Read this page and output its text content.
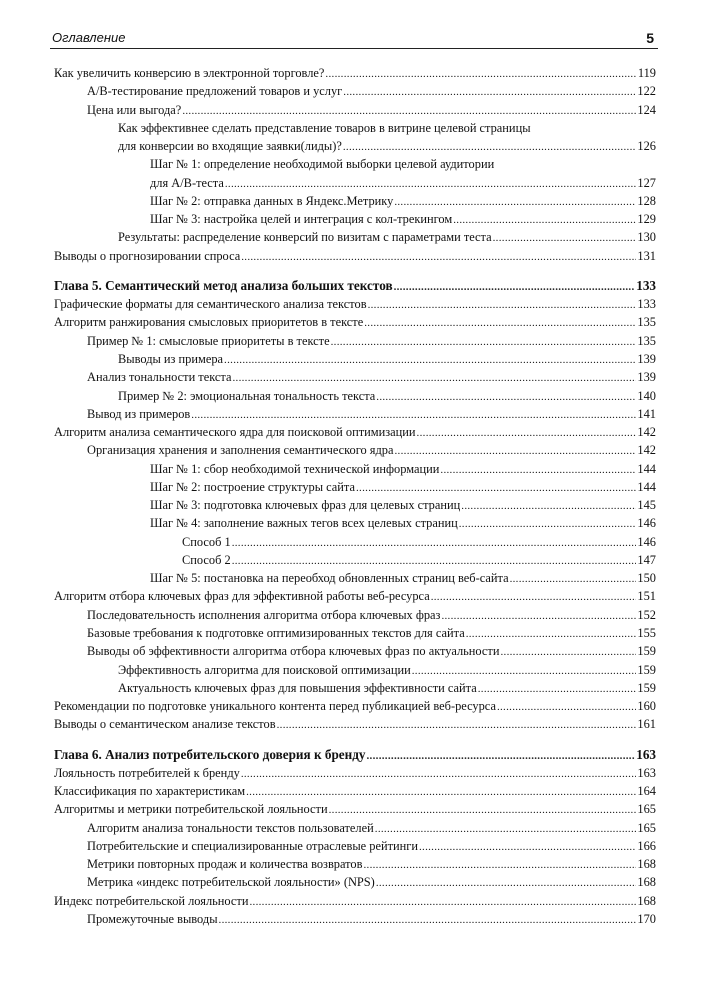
Оглавление	5
Как увеличить конверсию в электронной торговле? .....	119
A/B-тестирование предложений товаров и услуг .....	122
Цена или выгода? .....	124
Как эффективнее сделать представление товаров в витрине целевой страницы
для конверсии во входящие заявки(лиды)? .....	126
Шаг № 1: определение необходимой выборки целевой аудитории
для A/B-теста .....	127
Шаг № 2: отправка данных в Яндекс.Метрику .....	128
Шаг № 3: настройка целей и интеграция с кол-трекингом .....	129
Результаты: распределение конверсий по визитам с параметрами теста .....	130
Выводы о прогнозировании спроса .....	131
Глава 5. Семантический метод анализа больших текстов .....	133
Графические форматы для семантического анализа текстов .....	133
Алгоритм ранжирования смысловых приоритетов в тексте .....	135
Пример № 1: смысловые приоритеты в тексте .....	135
Выводы из примера .....	139
Анализ тональности текста .....	139
Пример № 2: эмоциональная тональность текста .....	140
Вывод из примеров .....	141
Алгоритм анализа семантического ядра для поисковой оптимизации .....	142
Организация хранения и заполнения семантического ядра .....	142
Шаг № 1: сбор необходимой технической информации .....	144
Шаг № 2: построение структуры сайта .....	144
Шаг № 3: подготовка ключевых фраз для целевых страниц .....	145
Шаг № 4: заполнение важных тегов всех целевых страниц .....	146
Способ 1 .....	146
Способ 2 .....	147
Шаг № 5: постановка на переобход обновленных страниц веб-сайта .....	150
Алгоритм отбора ключевых фраз для эффективной работы веб-ресурса .....	151
Последовательность исполнения алгоритма отбора ключевых фраз .....	152
Базовые требования к подготовке оптимизированных текстов для сайта .....	155
Выводы об эффективности алгоритма отбора ключевых фраз по актуальности .....	159
Эффективность алгоритма для поисковой оптимизации .....	159
Актуальность ключевых фраз для повышения эффективности сайта .....	159
Рекомендации по подготовке уникального контента перед публикацией веб-ресурса .....	160
Выводы о семантическом анализе текстов .....	161
Глава 6. Анализ потребительского доверия к бренду .....	163
Лояльность потребителей к бренду .....	163
Классификация по характеристикам .....	164
Алгоритмы и метрики потребительской лояльности .....	165
Алгоритм анализа тональности текстов пользователей .....	165
Потребительские и специализированные отраслевые рейтинги .....	166
Метрики повторных продаж и количества возвратов .....	168
Метрика «индекс потребительской лояльности» (NPS) .....	168
Индекс потребительской лояльности .....	168
Промежуточные выводы .....	170
